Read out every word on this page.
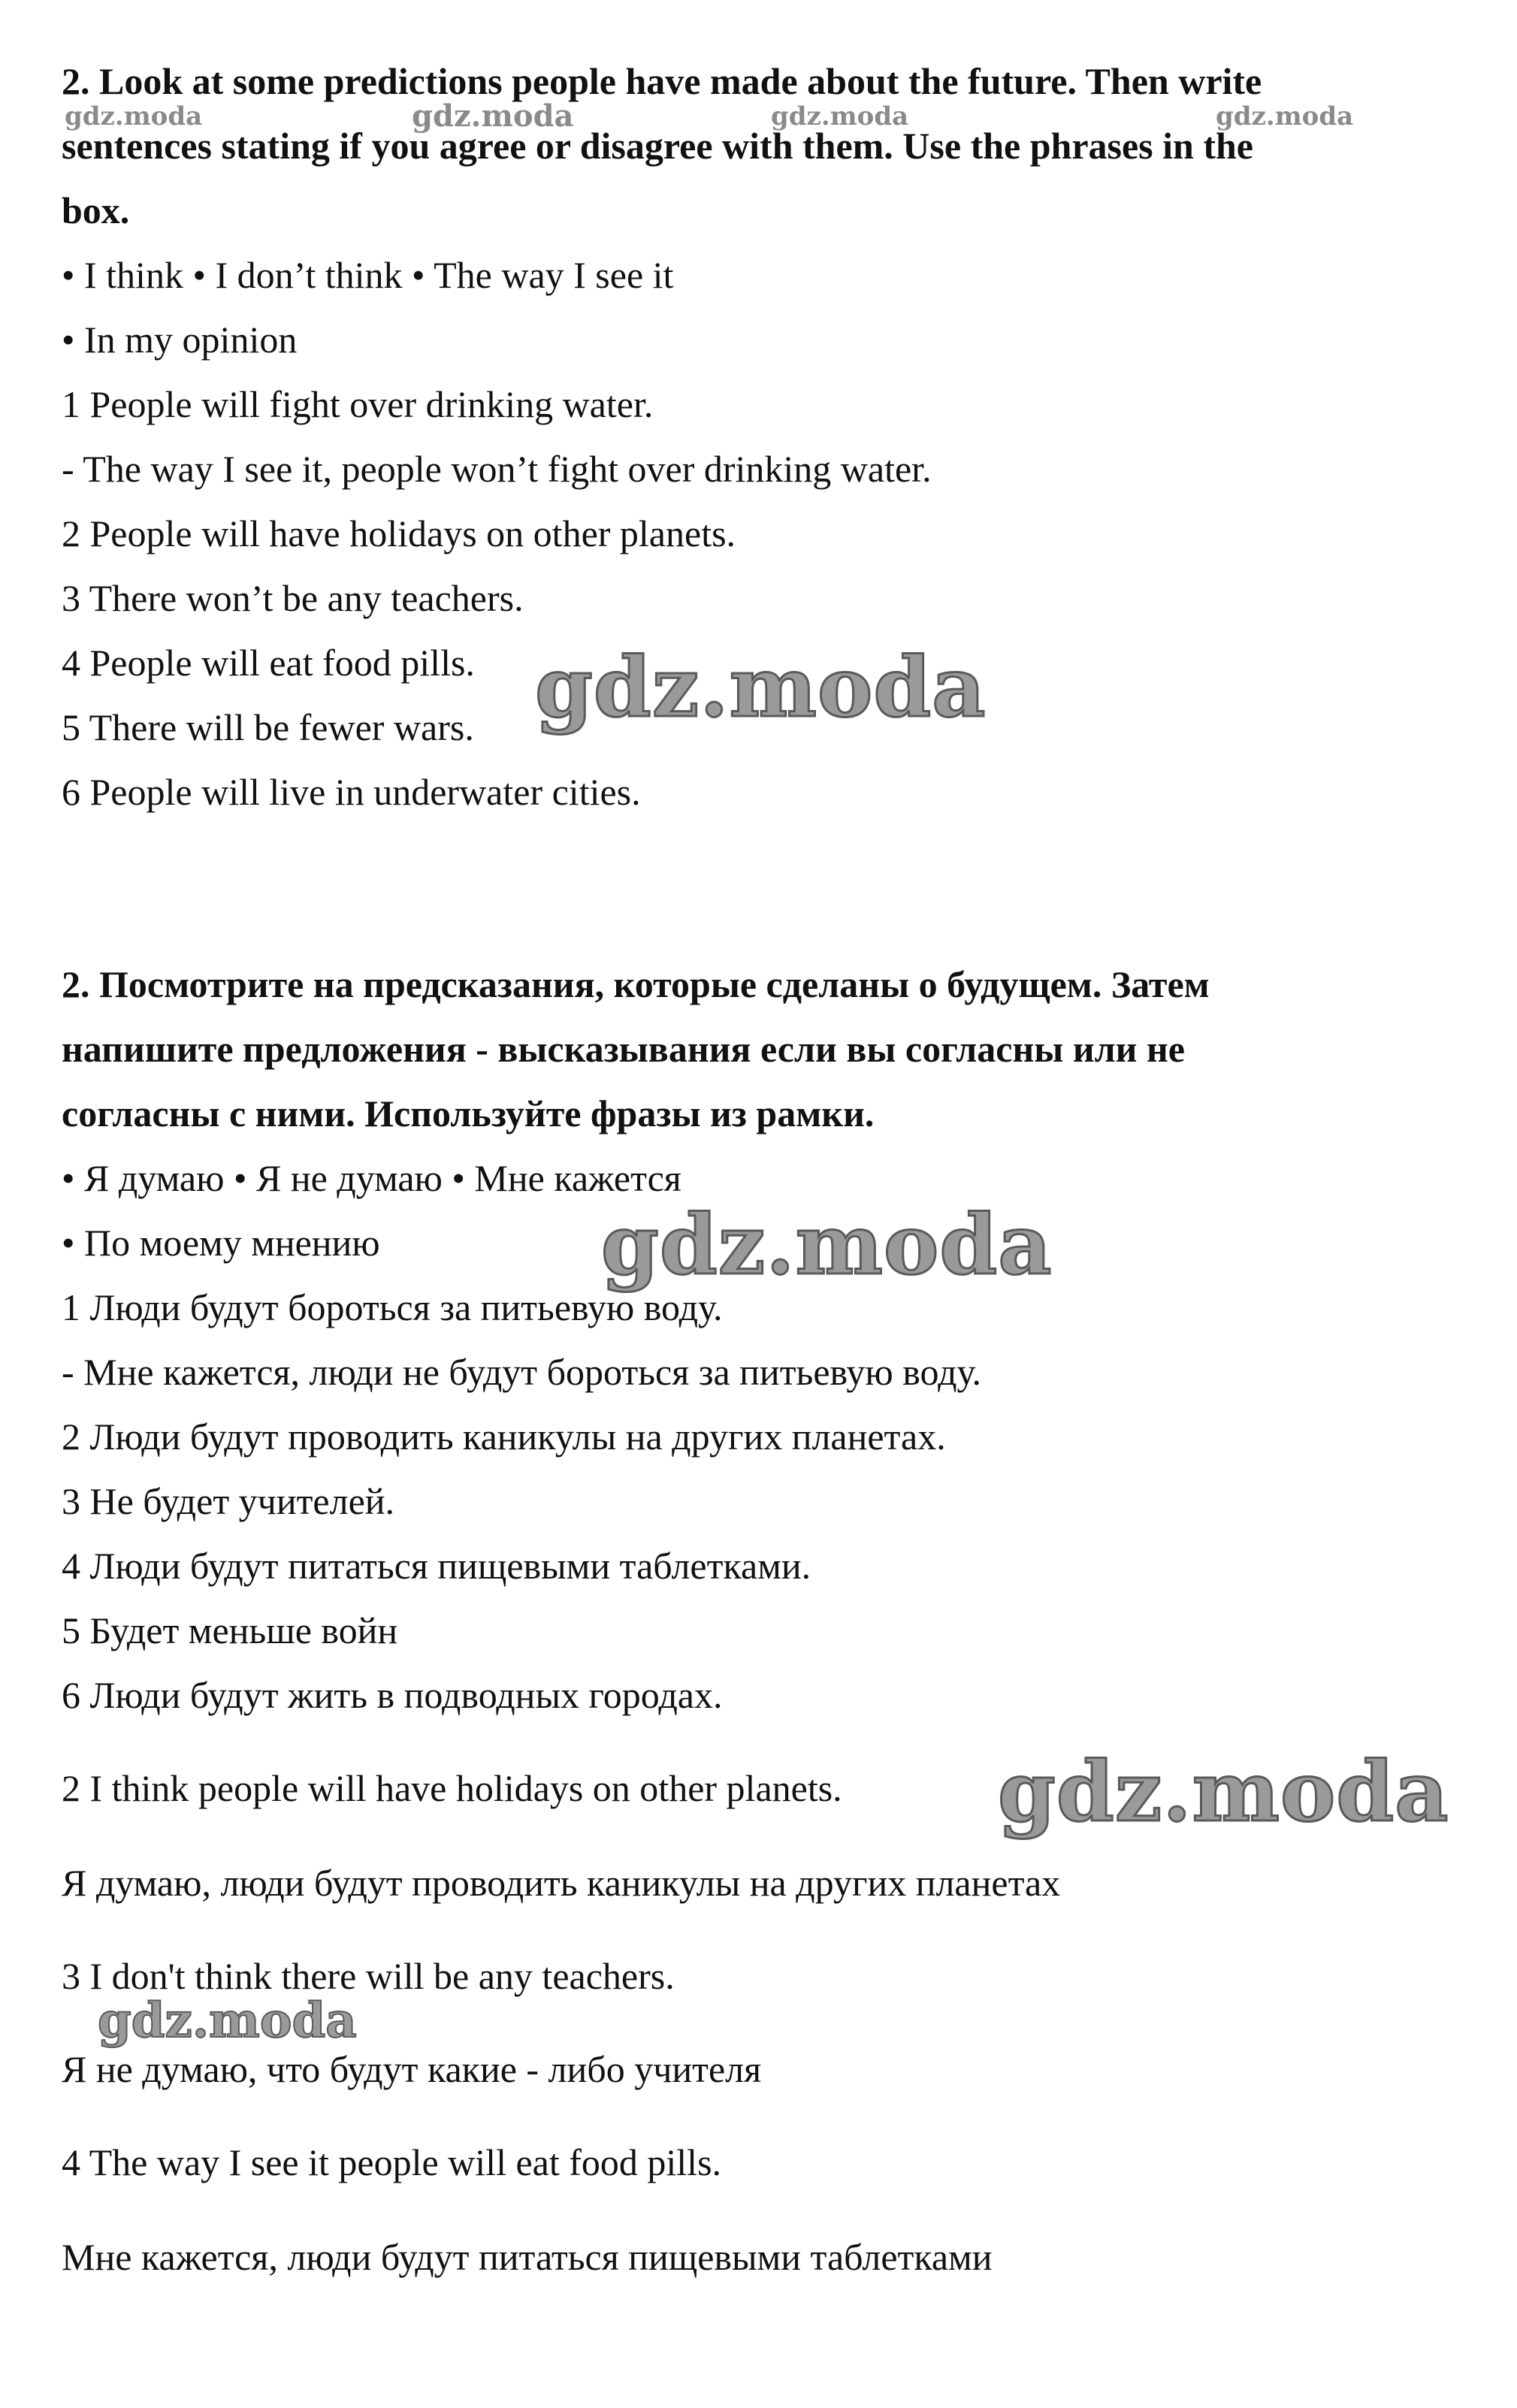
2. Look at some predictions people have made about the future. Then write
sentences stating if you agree or disagree with them. Use the phrases in the
box.
• I think • I don’t think • The way I see it
• In my opinion
1 People will fight over drinking water.
- The way I see it, people won’t fight over drinking water.
2 People will have holidays on other planets.
3 There won’t be any teachers.
4 People will eat food pills.
5 There will be fewer wars.
6 People will live in underwater cities.
2. Посмотрите на предсказания, которые сделаны о будущем. Затем
напишите предложения - высказывания если вы согласны или не
согласны с ними. Используйте фразы из рамки.
• Я думаю • Я не думаю • Мне кажется
• По моему мнению
1 Люди будут бороться за питьевую воду.
- Мне кажется, люди не будут бороться за питьевую воду.
2 Люди будут проводить каникулы на других планетах.
3 Не будет учителей.
4 Люди будут питаться пищевыми таблетками.
5 Будет меньше войн
6 Люди будут жить в подводных городах.
2 I think people will have holidays on other planets.
Я думаю, люди будут проводить каникулы на других планетах
3 I don't think there will be any teachers.
Я не думаю, что будут какие - либо учителя
4 The way I see it people will eat food pills.
Мне кажется, люди будут питаться пищевыми таблетками
gdz.moda	gdz.moda	gdz.moda	gdz.moda
gdz.moda
gdz.moda
gdz.moda
gdz.moda
